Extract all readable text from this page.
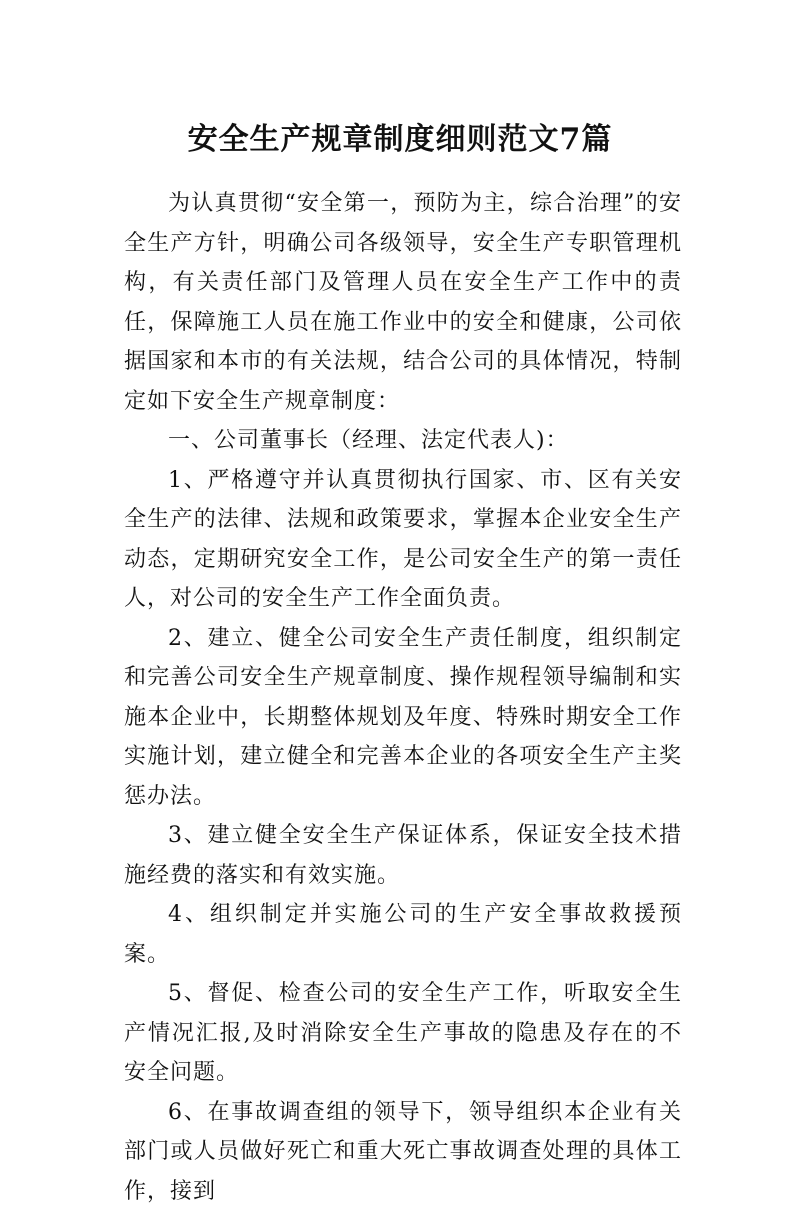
安全生产规章制度细则范文7篇

为认真贯彻“安全第一，预防为主，综合治理”的安全生产方针，明确公司各级领导，安全生产专职管理机构，有关责任部门及管理人员在安全生产工作中的责任，保障施工人员在施工作业中的安全和健康，公司依据国家和本市的有关法规，结合公司的具体情况，特制定如下安全生产规章制度：

一、公司董事长（经理、法定代表人)：

1、严格遵守并认真贯彻执行国家、市、区有关安全生产的法律、法规和政策要求，掌握本企业安全生产动态，定期研究安全工作，是公司安全生产的第一责任人，对公司的安全生产工作全面负责。

2、建立、健全公司安全生产责任制度，组织制定和完善公司安全生产规章制度、操作规程领导编制和实施本企业中，长期整体规划及年度、特殊时期安全工作实施计划，建立健全和完善本企业的各项安全生产主奖惩办法。

3、建立健全安全生产保证体系，保证安全技术措施经费的落实和有效实施。

4、组织制定并实施公司的生产安全事故救援预案。

5、督促、检查公司的安全生产工作，听取安全生产情况汇报,及时消除安全生产事故的隐患及存在的不安全问题。

6、在事故调查组的领导下，领导组织本企业有关部门或人员做好死亡和重大死亡事故调查处理的具体工作，接到
